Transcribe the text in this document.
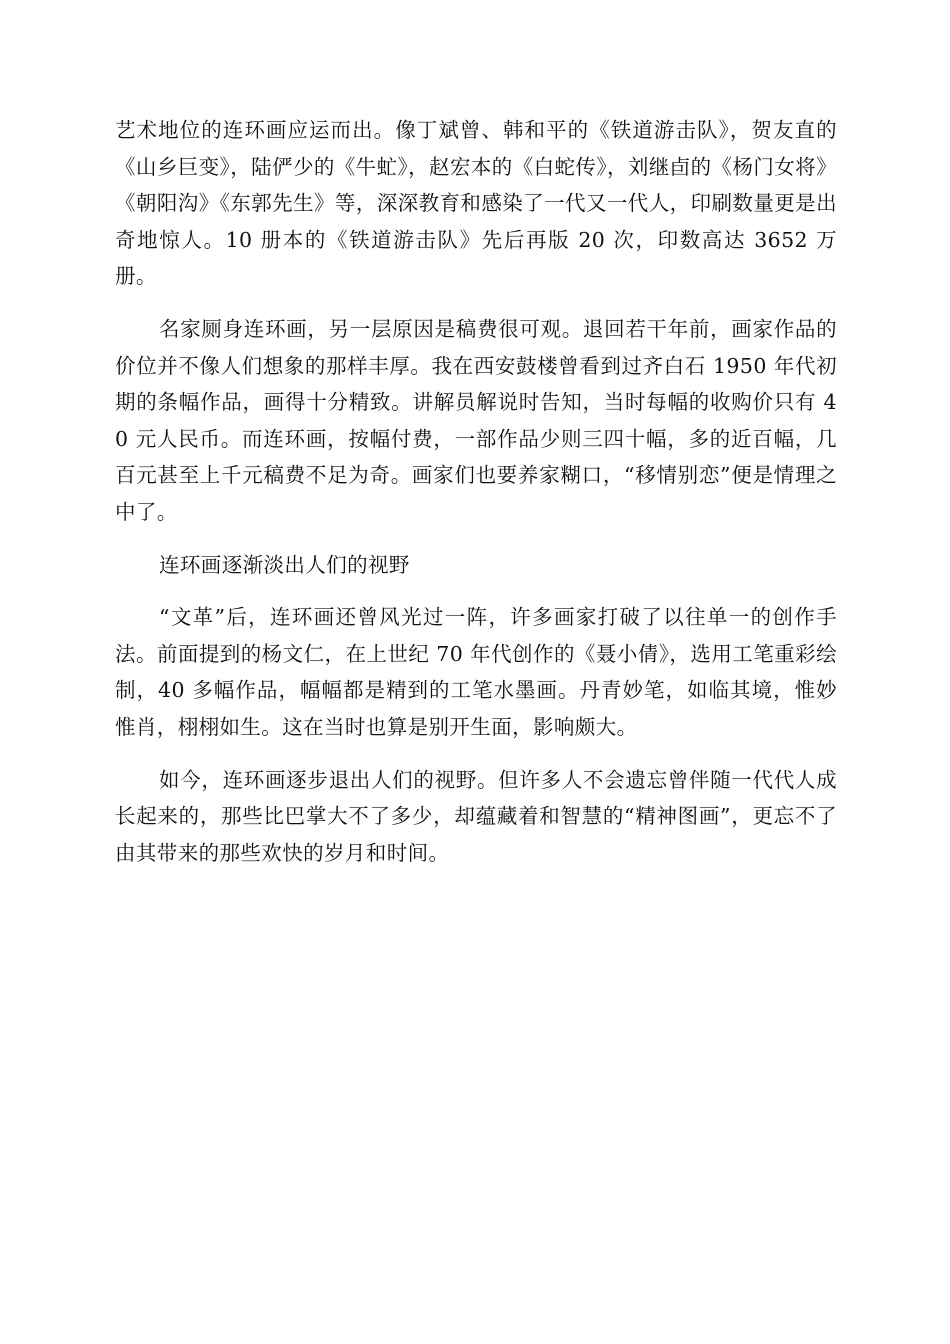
艺术地位的连环画应运而出。像丁斌曾、韩和平的《铁道游击队》，贺友直的《山乡巨变》，陆俨少的《牛虻》，赵宏本的《白蛇传》，刘继卣的《杨门女将》《朝阳沟》《东郭先生》等，深深教育和感染了一代又一代人，印刷数量更是出奇地惊人。10 册本的《铁道游击队》先后再版 20 次，印数高达 3652 万册。

名家厕身连环画，另一层原因是稿费很可观。退回若干年前，画家作品的价位并不像人们想象的那样丰厚。我在西安鼓楼曾看到过齐白石 1950 年代初期的条幅作品，画得十分精致。讲解员解说时告知，当时每幅的收购价只有 40 元人民币。而连环画，按幅付费，一部作品少则三四十幅，多的近百幅，几百元甚至上千元稿费不足为奇。画家们也要养家糊口，“移情别恋”便是情理之中了。

连环画逐渐淡出人们的视野

“文革”后，连环画还曾风光过一阵，许多画家打破了以往单一的创作手法。前面提到的杨文仁，在上世纪 70 年代创作的《聂小倩》，选用工笔重彩绘制，40 多幅作品，幅幅都是精到的工笔水墨画。丹青妙笔，如临其境，惟妙惟肖，栩栩如生。这在当时也算是别开生面，影响颇大。

如今，连环画逐步退出人们的视野。但许多人不会遗忘曾伴随一代代人成长起来的，那些比巴掌大不了多少，却蕴藏着和智慧的“精神图画”，更忘不了由其带来的那些欢快的岁月和时间。
